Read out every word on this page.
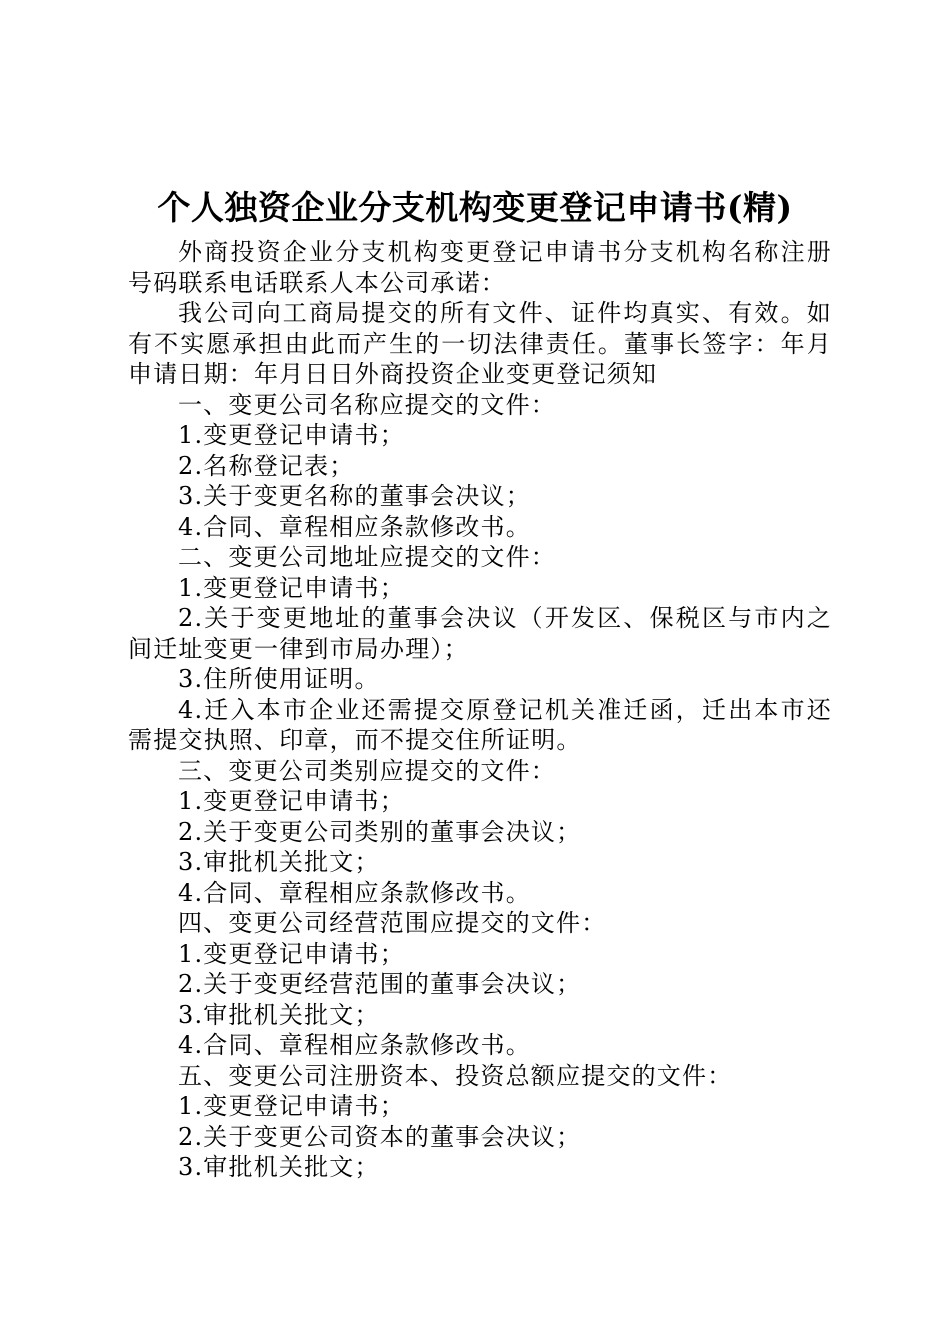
个人独资企业分支机构变更登记申请书(精)

外商投资企业分支机构变更登记申请书分支机构名称注册号码联系电话联系人本公司承诺：

我公司向工商局提交的所有文件、证件均真实、有效。如有不实愿承担由此而产生的一切法律责任。董事长签字：年月申请日期：年月日日外商投资企业变更登记须知

一、变更公司名称应提交的文件：

1.变更登记申请书；

2.名称登记表；

3.关于变更名称的董事会决议；

4.合同、章程相应条款修改书。

二、变更公司地址应提交的文件：

1.变更登记申请书；

2.关于变更地址的董事会决议（开发区、保税区与市内之间迁址变更一律到市局办理）；

3.住所使用证明。

4.迁入本市企业还需提交原登记机关准迁函，迁出本市还需提交执照、印章，而不提交住所证明。

三、变更公司类别应提交的文件：

1.变更登记申请书；

2.关于变更公司类别的董事会决议；

3.审批机关批文；

4.合同、章程相应条款修改书。

四、变更公司经营范围应提交的文件：

1.变更登记申请书；

2.关于变更经营范围的董事会决议；

3.审批机关批文；

4.合同、章程相应条款修改书。

五、变更公司注册资本、投资总额应提交的文件：

1.变更登记申请书；

2.关于变更公司资本的董事会决议；

3.审批机关批文；
